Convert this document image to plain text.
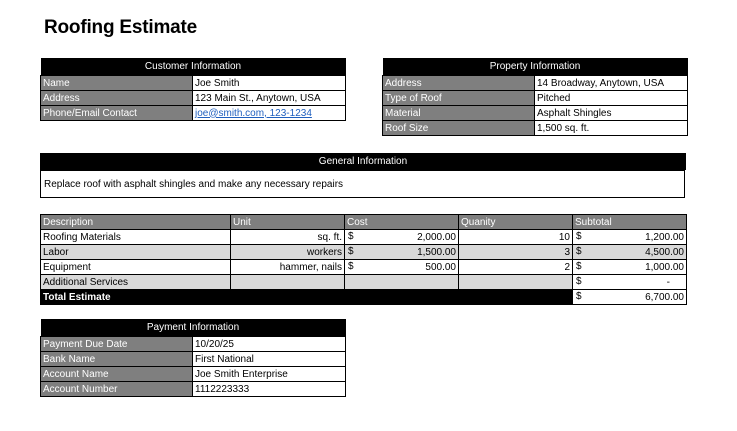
Roofing Estimate
Customer Information	
Name	Joe Smith
Address	123 Main St., Anytown, USA
Phone/Email Contact	joe@smith.com, 123-1234
Property Information	
Address	14 Broadway, Anytown, USA
Type of Roof	Pitched
Material	Asphalt Shingles
Roof Size	1,500 sq. ft.
General Information
Replace roof with asphalt shingles and make any necessary repairs
Description	Unit	Cost	Quanity	Subtotal
Roofing Materials	sq. ft.	$ 2,000.00	10	$ 1,200.00
Labor	workers	$ 1,500.00	3	$ 4,500.00
Equipment	hammer, nails	$ 500.00	2	$ 1,000.00
Additional Services				$ -
Total Estimate				$ 6,700.00
Payment Information	
Payment Due Date	10/20/25
Bank Name	First National
Account Name	Joe Smith Enterprise
Account Number	1112223333
